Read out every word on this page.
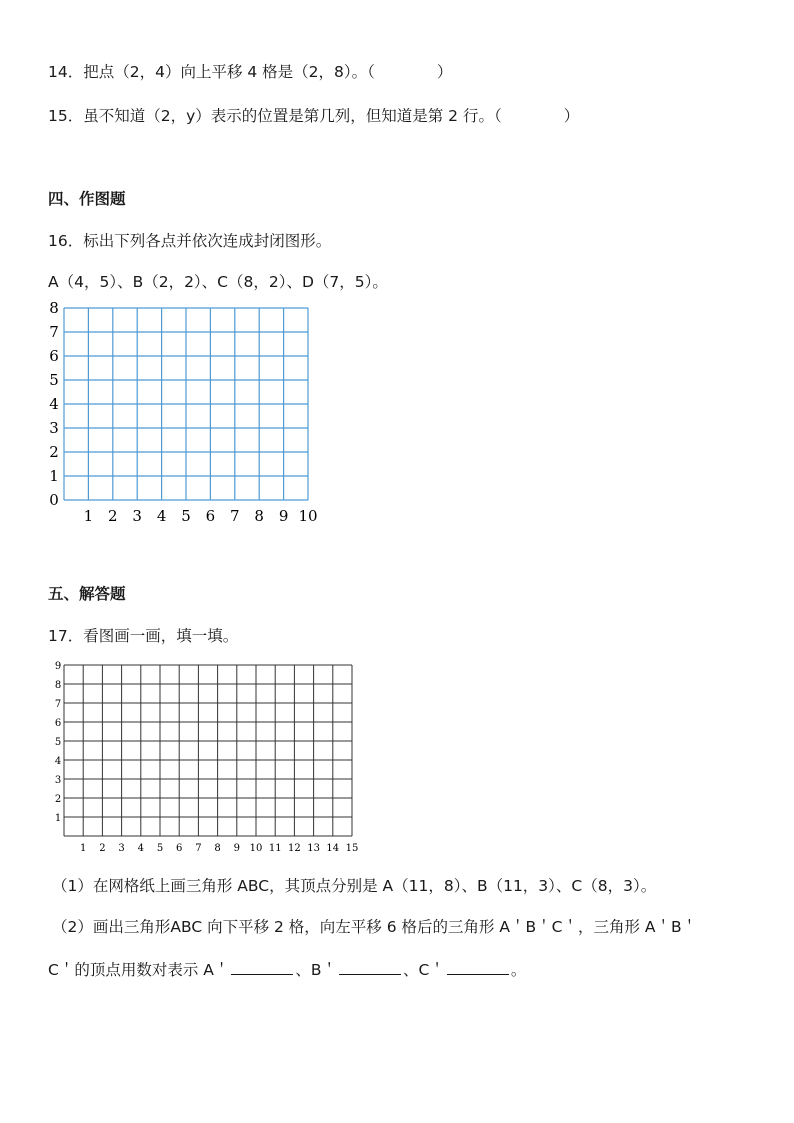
14．把点（2，4）向上平移 4 格是（2，8）。（	）
15．虽不知道（2，y）表示的位置是第几列，但知道是第 2 行。（	）
四、作图题
16．标出下列各点并依次连成封闭图形。
A（4，5）、B（2，2）、C（8，2）、D（7，5）。
1 2 3 4 5 6 7 8 9 10
0
1
2
3
4
5
6
7
8
五、解答题
17．看图画一画，填一填。
1 2 3 4 5 6 7 8 9 10 11 12 13 14 15
1
2
3
4
5
6
7
8
9
（1）在网格纸上画三角形 ABC，其顶点分别是 A（11，8）、B（11，3）、C（8，3）。
（2）画出三角形ABC 向下平移 2 格，向左平移 6 格后的三角形 A＇B＇C＇，三角形 A＇B＇
C＇的顶点用数对表示 A＇	、B＇	、C＇	。
